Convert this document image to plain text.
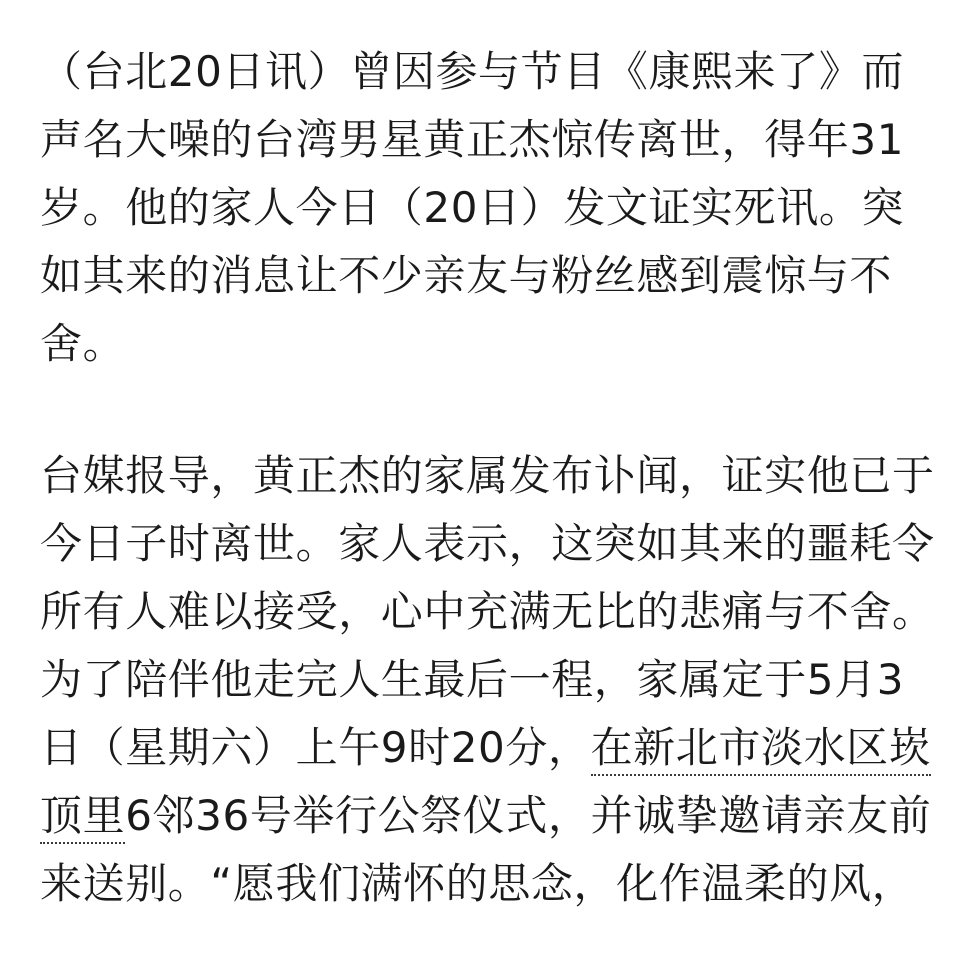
（台北20日讯）曾因参与节目《康熙来了》而
声名大噪的台湾男星黄正杰惊传离世，得年31
岁。他的家人今日（20日）发文证实死讯。突
如其来的消息让不少亲友与粉丝感到震惊与不
舍。
台媒报导，黄正杰的家属发布讣闻，证实他已于
今日子时离世。家人表示，这突如其来的噩耗令
所有人难以接受，心中充满无比的悲痛与不舍。
为了陪伴他走完人生最后一程，家属定于5月3
日（星期六）上午9时20分，在新北市淡水区崁
顶里6邻36号举行公祭仪式，并诚挚邀请亲友前
来送别。“愿我们满怀的思念，化作温柔的风，
